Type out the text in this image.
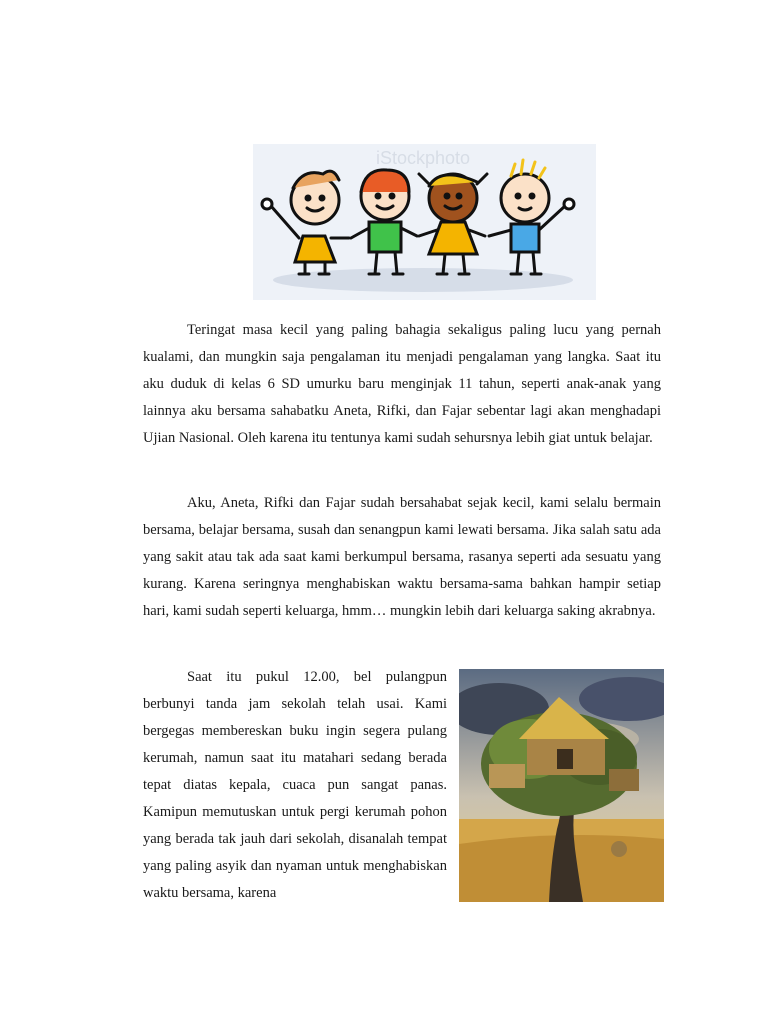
iStockphoto

Teringat masa kecil yang paling bahagia sekaligus paling lucu yang pernah kualami, dan mungkin saja pengalaman itu menjadi pengalaman yang langka. Saat itu aku duduk di kelas 6 SD umurku baru menginjak 11 tahun, seperti anak-anak yang lainnya aku bersama sahabatku Aneta, Rifki, dan Fajar sebentar lagi akan menghadapi Ujian Nasional. Oleh karena itu tentunya kami sudah sehursnya lebih giat untuk belajar.

Aku, Aneta, Rifki dan Fajar sudah bersahabat sejak kecil, kami selalu bermain bersama, belajar bersama, susah dan senangpun kami lewati bersama. Jika salah satu ada yang sakit atau tak ada saat kami berkumpul bersama, rasanya seperti ada sesuatu yang kurang. Karena seringnya menghabiskan waktu bersama-sama bahkan hampir setiap hari, kami sudah seperti keluarga, hmm… mungkin lebih dari keluarga saking akrabnya.

Saat itu pukul 12.00, bel pulangpun berbunyi tanda jam sekolah telah usai. Kami bergegas membereskan buku ingin segera pulang kerumah, namun saat itu matahari sedang berada tepat diatas kepala, cuaca pun sangat panas. Kamipun memutuskan untuk pergi kerumah pohon yang berada tak jauh dari sekolah, disanalah tempat yang paling asyik dan nyaman untuk menghabiskan waktu bersama, karena
